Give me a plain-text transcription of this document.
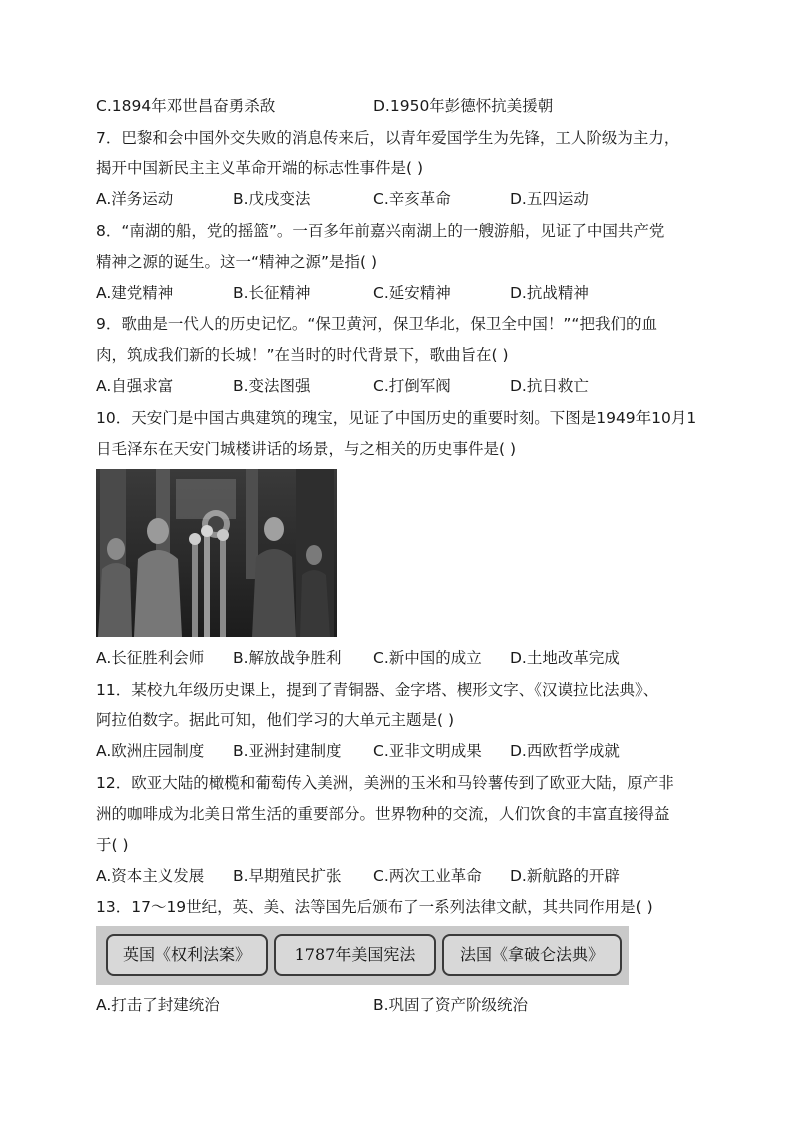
C.1894年邓世昌奋勇杀敌	D.1950年彭德怀抗美援朝
7．巴黎和会中国外交失败的消息传来后，以青年爱国学生为先锋，工人阶级为主力，
揭开中国新民主主义革命开端的标志性事件是( )
A.洋务运动	B.戊戌变法	C.辛亥革命	D.五四运动
8．“南湖的船，党的摇篮”。一百多年前嘉兴南湖上的一艘游船，见证了中国共产党
精神之源的诞生。这一“精神之源”是指( )
A.建党精神	B.长征精神	C.延安精神	D.抗战精神
9．歌曲是一代人的历史记忆。“保卫黄河，保卫华北，保卫全中国！”“把我们的血
肉，筑成我们新的长城！”在当时的时代背景下，歌曲旨在( )
A.自强求富	B.变法图强	C.打倒军阀	D.抗日救亡
10．天安门是中国古典建筑的瑰宝，见证了中国历史的重要时刻。下图是1949年10月1
日毛泽东在天安门城楼讲话的场景，与之相关的历史事件是( )
A.长征胜利会师 B.解放战争胜利 C.新中国的成立 D.土地改革完成
11．某校九年级历史课上，提到了青铜器、金字塔、楔形文字、《汉谟拉比法典》、
阿拉伯数字。据此可知，他们学习的大单元主题是( )
A.欧洲庄园制度 B.亚洲封建制度 C.亚非文明成果 D.西欧哲学成就
12．欧亚大陆的橄榄和葡萄传入美洲，美洲的玉米和马铃薯传到了欧亚大陆，原产非
洲的咖啡成为北美日常生活的重要部分。世界物种的交流，人们饮食的丰富直接得益
于( )
A.资本主义发展 B.早期殖民扩张 C.两次工业革命 D.新航路的开辟
13．17～19世纪，英、美、法等国先后颁布了一系列法律文献，其共同作用是( )
英国《权利法案》	1787年美国宪法	法国《拿破仑法典》
A.打击了封建统治	B.巩固了资产阶级统治
